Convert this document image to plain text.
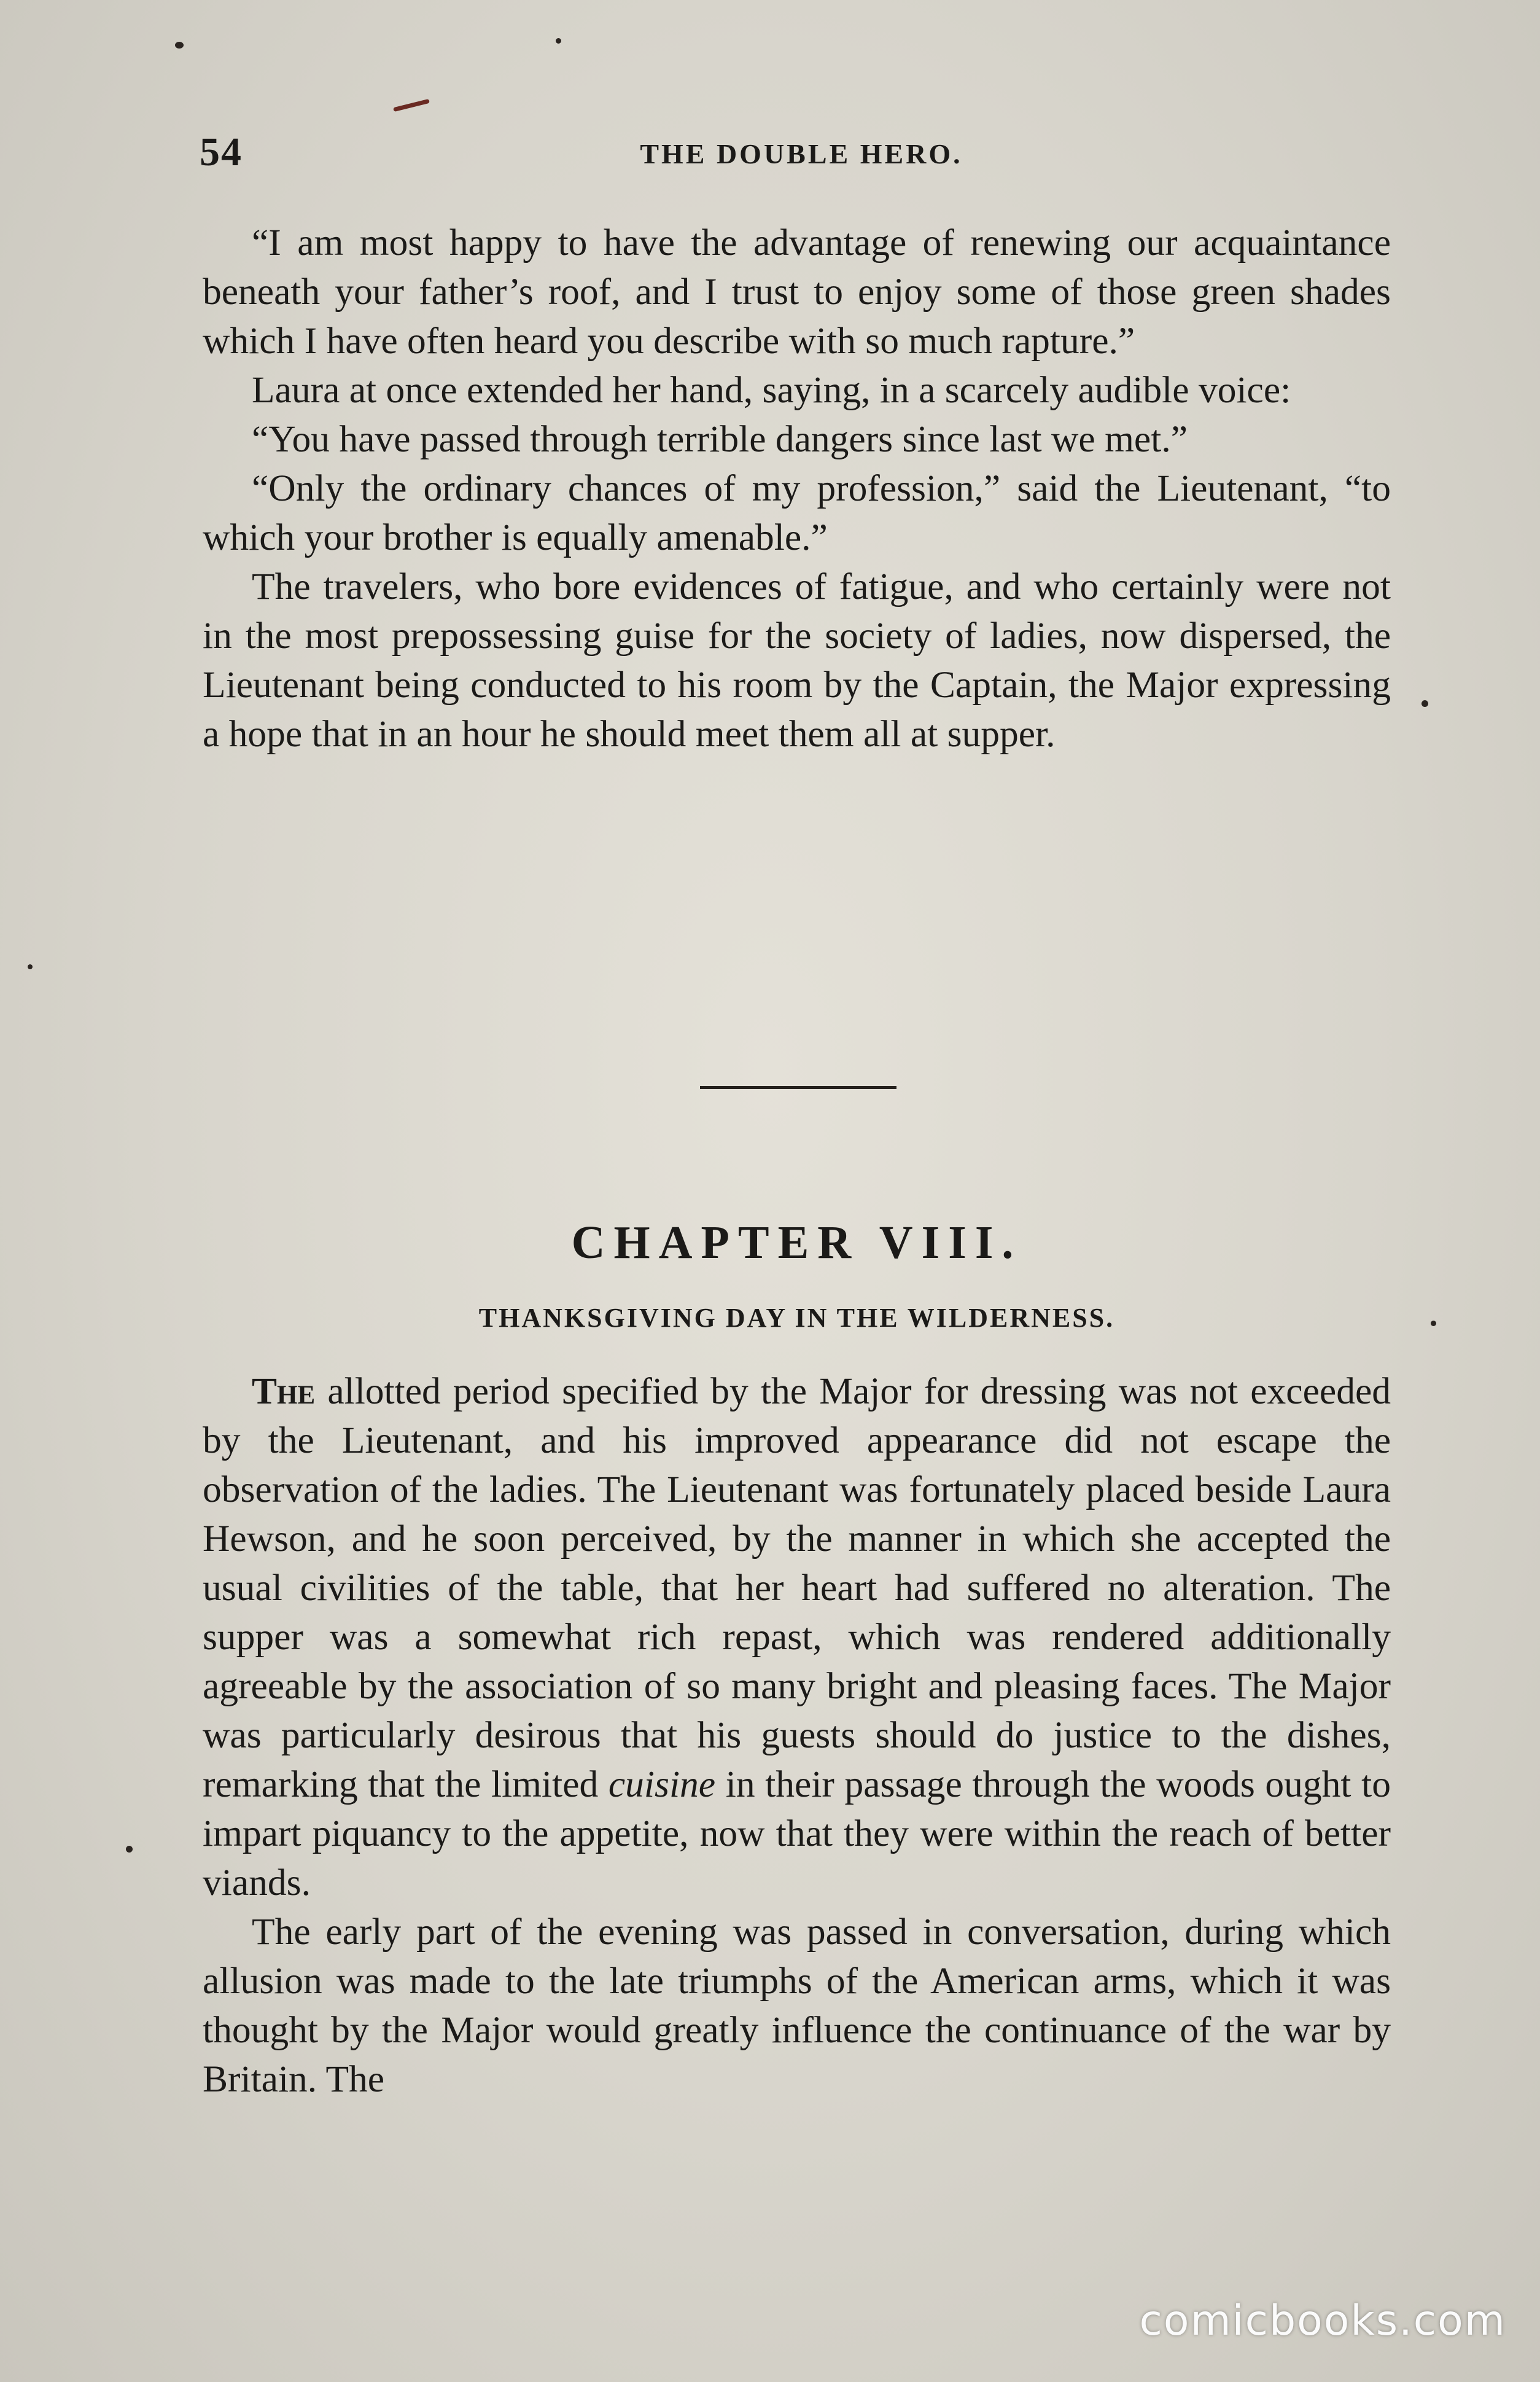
54	THE DOUBLE HERO.

“I am most happy to have the advantage of renewing our acquaintance beneath your father’s roof, and I trust to enjoy some of those green shades which I have often heard you describe with so much rapture.”

Laura at once extended her hand, saying, in a scarcely audible voice:

“You have passed through terrible dangers since last we met.”

“Only the ordinary chances of my profession,” said the Lieutenant, “to which your brother is equally amenable.”

The travelers, who bore evidences of fatigue, and who certainly were not in the most prepossessing guise for the society of ladies, now dispersed, the Lieutenant being conducted to his room by the Captain, the Major expressing a hope that in an hour he should meet them all at supper.

CHAPTER VIII.
THANKSGIVING DAY IN THE WILDERNESS.

The allotted period specified by the Major for dressing was not exceeded by the Lieutenant, and his improved appearance did not escape the observation of the ladies. The Lieutenant was fortunately placed beside Laura Hewson, and he soon perceived, by the manner in which she accepted the usual civilities of the table, that her heart had suffered no alteration. The supper was a somewhat rich repast, which was rendered additionally agreeable by the association of so many bright and pleasing faces. The Major was particularly desirous that his guests should do justice to the dishes, remarking that the limited cuisine in their passage through the woods ought to impart piquancy to the appetite, now that they were within the reach of better viands.

The early part of the evening was passed in conversation, during which allusion was made to the late triumphs of the American arms, which it was thought by the Major would greatly influence the continuance of the war by Britain. The

comicbooks.com
